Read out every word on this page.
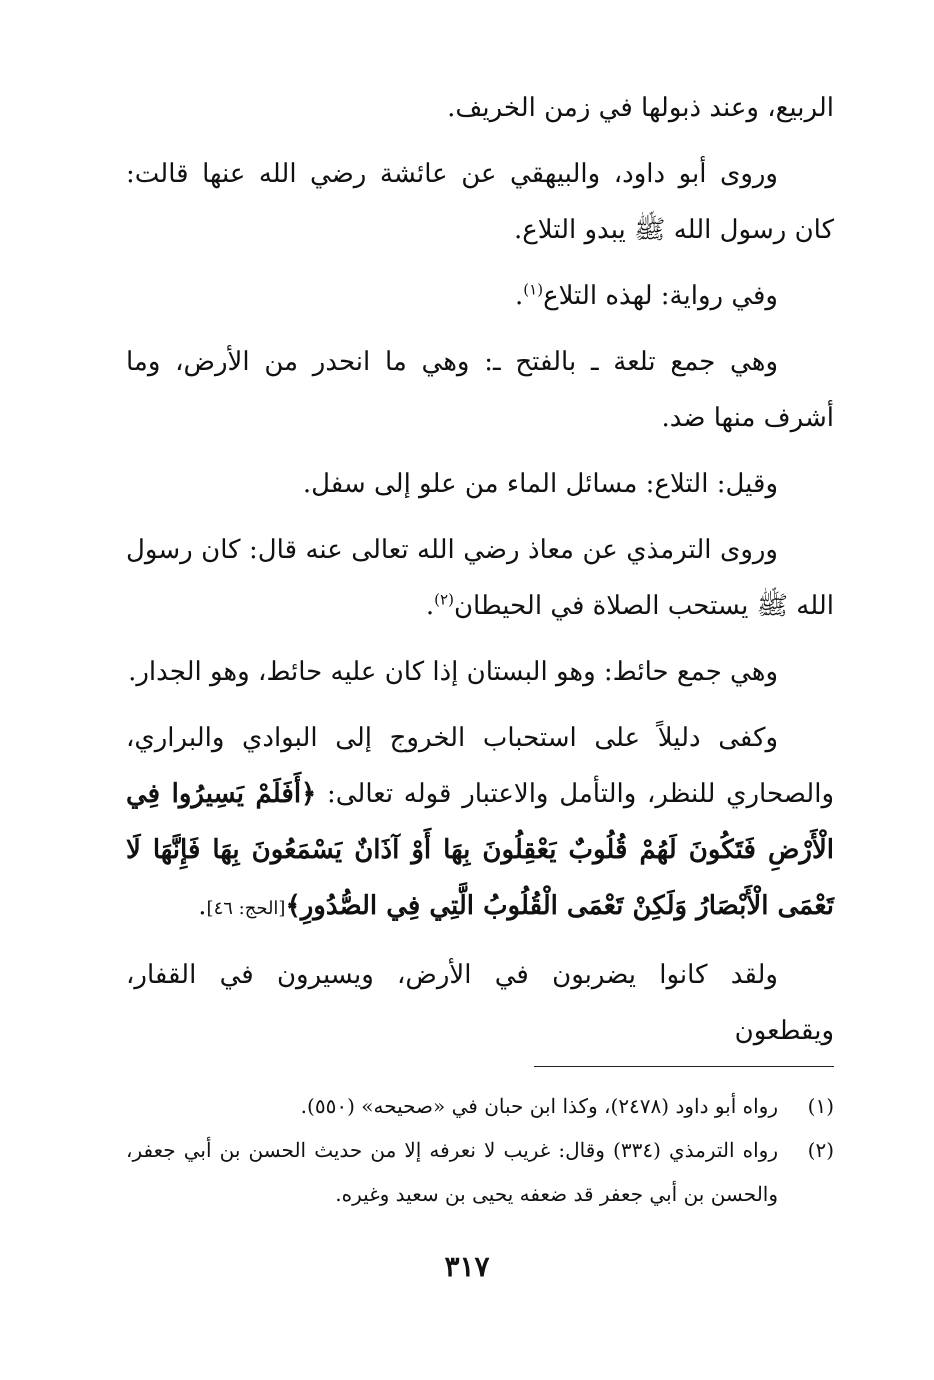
الربيع، وعند ذبولها في زمن الخريف.

وروى أبو داود، والبيهقي عن عائشة رضي الله عنها قالت: كان رسول الله ﷺ يبدو التلاع.

وفي رواية: لهذه التلاع$^{(١)}$.

وهي جمع تلعة ـ بالفتح ـ: وهي ما انحدر من الأرض، وما أشرف منها ضد.

وقيل: التلاع: مسائل الماء من علو إلى سفل.

وروى الترمذي عن معاذ رضي الله تعالى عنه قال: كان رسول الله ﷺ يستحب الصلاة في الحيطان$^{(٢)}$.

وهي جمع حائط: وهو البستان إذا كان عليه حائط، وهو الجدار.

وكفى دليلاً على استحباب الخروج إلى البوادي والبراري، والصحاري للنظر، والتأمل والاعتبار قوله تعالى: ﴿أَفَلَمْ يَسِيرُوا فِي الْأَرْضِ فَتَكُونَ لَهُمْ قُلُوبٌ يَعْقِلُونَ بِهَا أَوْ آذَانٌ يَسْمَعُونَ بِهَا فَإِنَّهَا لَا تَعْمَى الْأَبْصَارُ وَلَكِنْ تَعْمَى الْقُلُوبُ الَّتِي فِي الصُّدُورِ﴾[الحج: ٤٦].

ولقد كانوا يضربون في الأرض، ويسيرون في القفار، ويقطعون

(١)
رواه أبو داود (٢٤٧٨)، وكذا ابن حبان في «صحيحه» (٥٥٠).
(٢)
رواه الترمذي (٣٣٤) وقال: غريب لا نعرفه إلا من حديث الحسن بن أبي جعفر، والحسن بن أبي جعفر قد ضعفه يحيى بن سعيد وغيره.
٣١٧
